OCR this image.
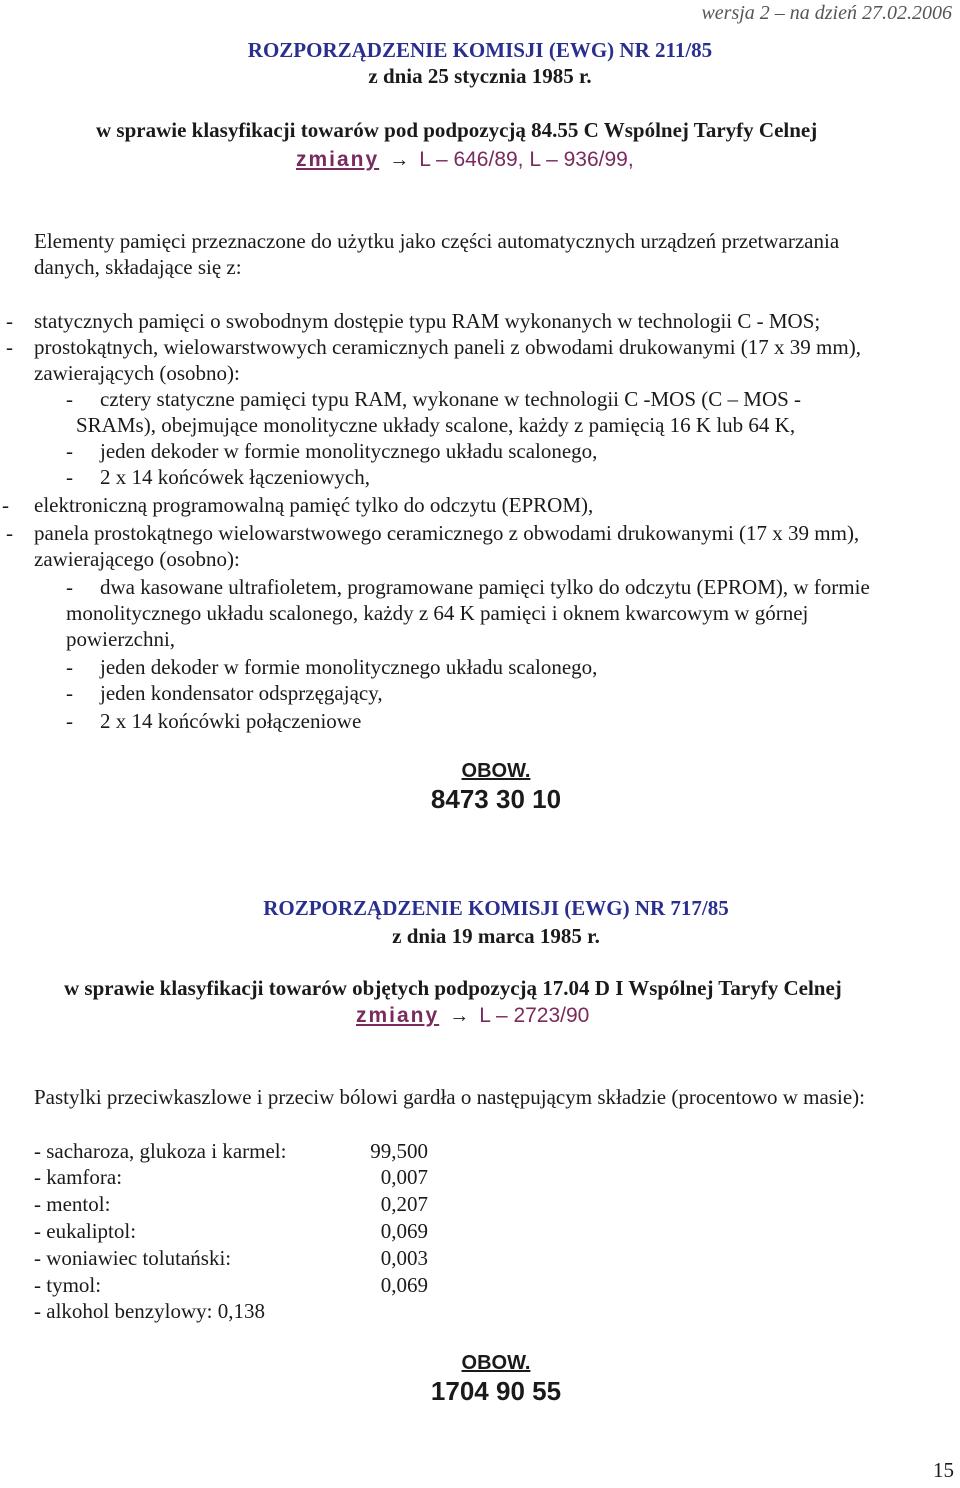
wersja 2 – na dzień 27.02.2006
ROZPORZĄDZENIE KOMISJI (EWG) NR 211/85
z dnia 25 stycznia 1985 r.
w sprawie klasyfikacji towarów pod podpozycją 84.55 C Wspólnej Taryfy Celnej
zmiany → L – 646/89, L – 936/99,
Elementy pamięci przeznaczone do użytku jako części automatycznych urządzeń przetwarzania
danych, składające się z:
- statycznych pamięci o swobodnym dostępie typu RAM wykonanych w technologii C - MOS;
- prostokątnych, wielowarstwowych ceramicznych paneli z obwodami drukowanymi (17 x 39 mm),
zawierających (osobno):
- cztery statyczne pamięci typu RAM, wykonane w technologii C -MOS (C – MOS -
SRAMs), obejmujące monolityczne układy scalone, każdy z pamięcią 16 K lub 64 K,
- jeden dekoder w formie monolitycznego układu scalonego,
- 2 x 14 końcówek łączeniowych,
- elektroniczną programowalną pamięć tylko do odczytu (EPROM),
- panela prostokątnego wielowarstwowego ceramicznego z obwodami drukowanymi (17 x 39 mm),
zawierającego (osobno):
- dwa kasowane ultrafioletem, programowane pamięci tylko do odczytu (EPROM), w formie
monolitycznego układu scalonego, każdy z 64 K pamięci i oknem kwarcowym w górnej
powierzchni,
- jeden dekoder w formie monolitycznego układu scalonego,
- jeden kondensator odsprzęgający,
- 2 x 14 końcówki połączeniowe
OBOW.
8473 30 10
ROZPORZĄDZENIE KOMISJI (EWG) NR 717/85
z dnia 19 marca 1985 r.
w sprawie klasyfikacji towarów objętych podpozycją 17.04 D I Wspólnej Taryfy Celnej
zmiany → L – 2723/90
Pastylki przeciwkaszlowe i przeciw bólowi gardła o następującym składzie (procentowo w masie):
- sacharoza, glukoza i karmel:	99,500
- kamfora:	0,007
- mentol:	0,207
- eukaliptol:	0,069
- woniawiec tolutański:	0,003
- tymol:	0,069
- alkohol benzylowy: 0,138
OBOW.
1704 90 55
15
